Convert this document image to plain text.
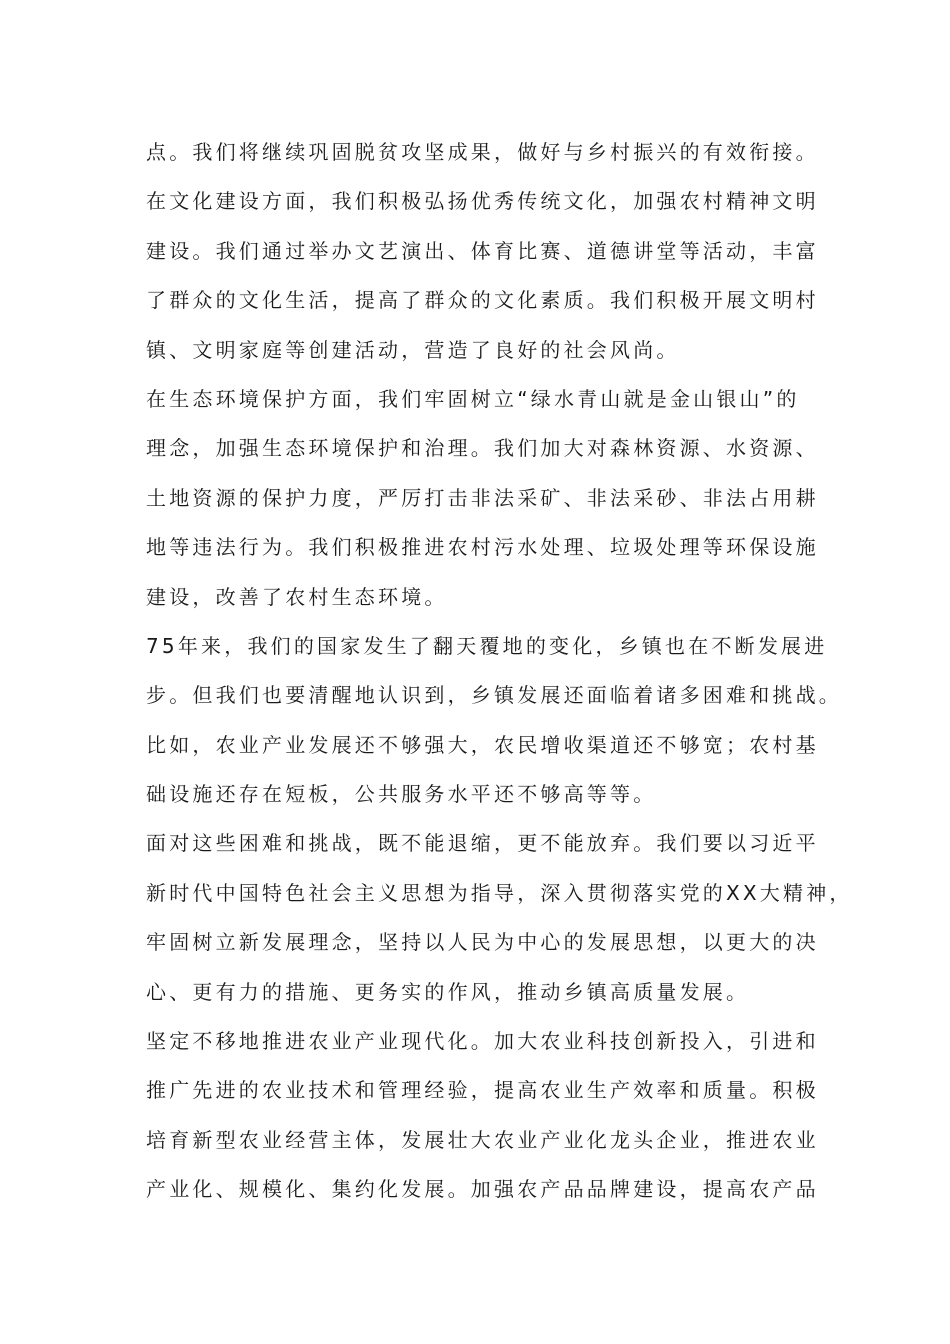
点。我们将继续巩固脱贫攻坚成果，做好与乡村振兴的有效衔接。
在文化建设方面，我们积极弘扬优秀传统文化，加强农村精神文明
建设。我们通过举办文艺演出、体育比赛、道德讲堂等活动，丰富
了群众的文化生活，提高了群众的文化素质。我们积极开展文明村
镇、文明家庭等创建活动，营造了良好的社会风尚。
在生态环境保护方面，我们牢固树立“绿水青山就是金山银山”的
理念，加强生态环境保护和治理。我们加大对森林资源、水资源、
土地资源的保护力度，严厉打击非法采矿、非法采砂、非法占用耕
地等违法行为。我们积极推进农村污水处理、垃圾处理等环保设施
建设，改善了农村生态环境。
75年来，我们的国家发生了翻天覆地的变化，乡镇也在不断发展进
步。但我们也要清醒地认识到，乡镇发展还面临着诸多困难和挑战。
比如，农业产业发展还不够强大，农民增收渠道还不够宽；农村基
础设施还存在短板，公共服务水平还不够高等等。
面对这些困难和挑战，既不能退缩，更不能放弃。我们要以习近平
新时代中国特色社会主义思想为指导，深入贯彻落实党的XX大精神，
牢固树立新发展理念，坚持以人民为中心的发展思想，以更大的决
心、更有力的措施、更务实的作风，推动乡镇高质量发展。
坚定不移地推进农业产业现代化。加大农业科技创新投入，引进和
推广先进的农业技术和管理经验，提高农业生产效率和质量。积极
培育新型农业经营主体，发展壮大农业产业化龙头企业，推进农业
产业化、规模化、集约化发展。加强农产品品牌建设，提高农产品
